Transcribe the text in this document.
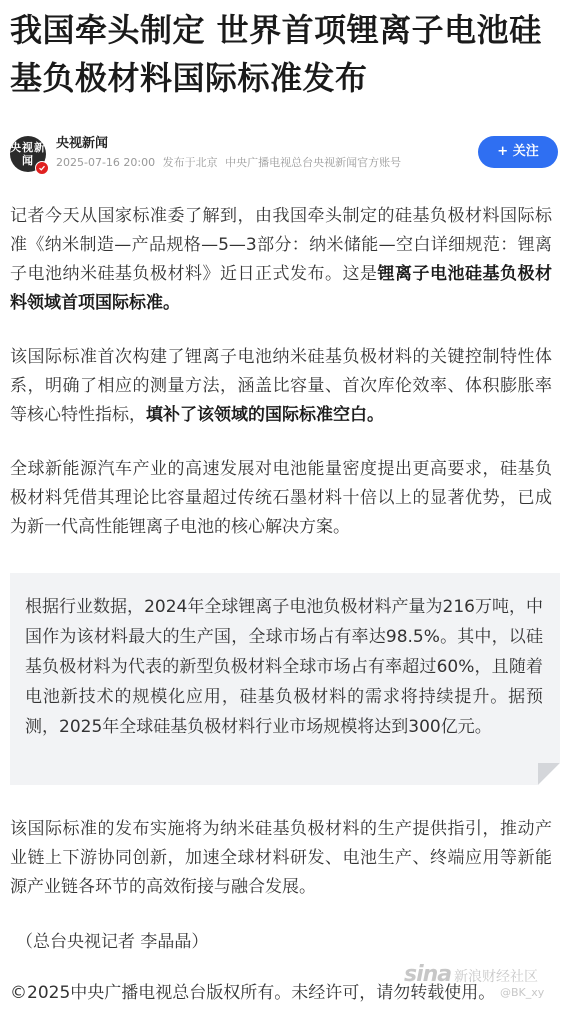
我国牵头制定 世界首项锂离子电池硅基负极材料国际标准发布
央视新闻
央视新闻
2025-07-16 20:00 发布于北京 中央广播电视总台央视新闻官方账号
+ 关注

记者今天从国家标准委了解到，由我国牵头制定的硅基负极材料国际标准《纳米制造—产品规格—5—3部分：纳米储能—空白详细规范：锂离子电池纳米硅基负极材料》近日正式发布。这是锂离子电池硅基负极材料领域首项国际标准。

该国际标准首次构建了锂离子电池纳米硅基负极材料的关键控制特性体系，明确了相应的测量方法，涵盖比容量、首次库伦效率、体积膨胀率等核心特性指标，填补了该领域的国际标准空白。

全球新能源汽车产业的高速发展对电池能量密度提出更高要求，硅基负极材料凭借其理论比容量超过传统石墨材料十倍以上的显著优势，已成为新一代高性能锂离子电池的核心解决方案。

根据行业数据，2024年全球锂离子电池负极材料产量为216万吨，中国作为该材料最大的生产国，全球市场占有率达98.5%。其中，以硅基负极材料为代表的新型负极材料全球市场占有率超过60%，且随着电池新技术的规模化应用，硅基负极材料的需求将持续提升。据预测，2025年全球硅基负极材料行业市场规模将达到300亿元。

该国际标准的发布实施将为纳米硅基负极材料的生产提供指引，推动产业链上下游协同创新，加速全球材料研发、电池生产、终端应用等新能源产业链各环节的高效衔接与融合发展。

（总台央视记者 李晶晶）

©2025中央广播电视总台版权所有。未经许可，请勿转载使用。

sina 新浪财经社区
@BK_xy
